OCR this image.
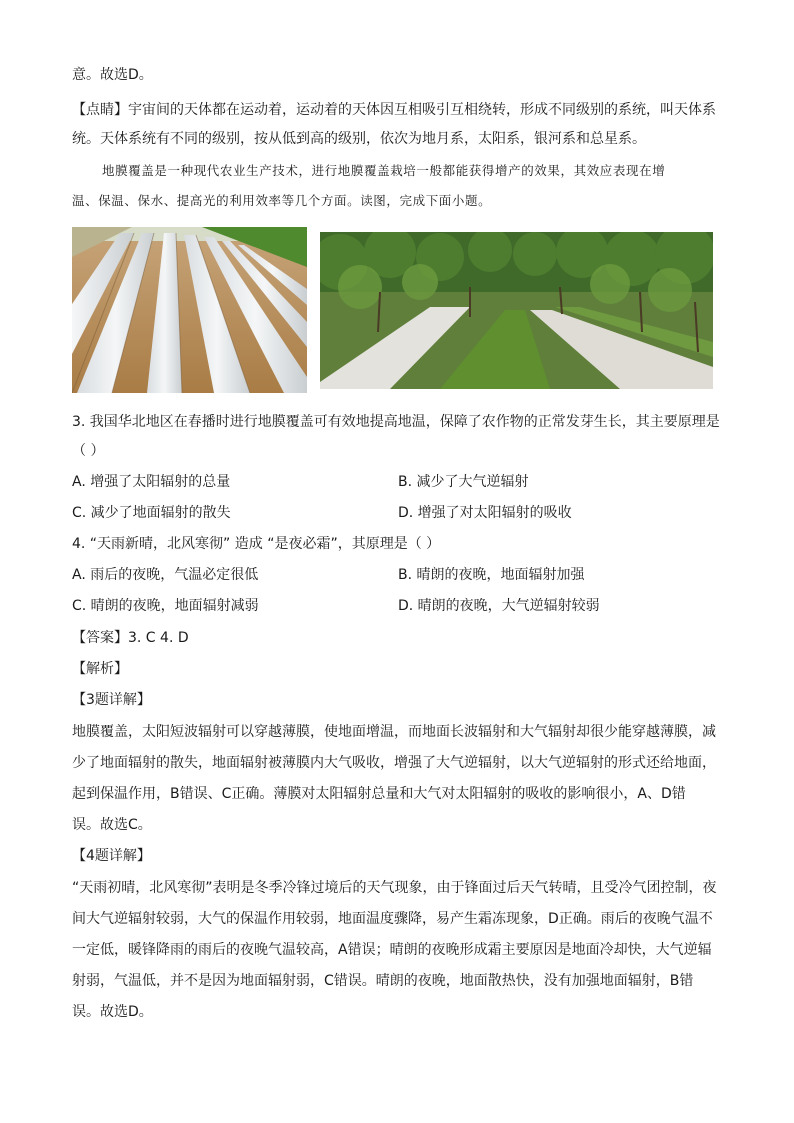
意。故选D。
【点睛】宇宙间的天体都在运动着，运动着的天体因互相吸引互相绕转，形成不同级别的系统，叫天体系
统。天体系统有不同的级别，按从低到高的级别，依次为地月系，太阳系，银河系和总星系。
地膜覆盖是一种现代农业生产技术，进行地膜覆盖栽培一般都能获得增产的效果，其效应表现在增
温、保温、保水、提高光的利用效率等几个方面。读图，完成下面小题。
3. 我国华北地区在春播时进行地膜覆盖可有效地提高地温，保障了农作物的正常发芽生长，其主要原理是
（ ）
A. 增强了太阳辐射的总量	B. 减少了大气逆辐射
C. 减少了地面辐射的散失	D. 增强了对太阳辐射的吸收
4. “天雨新晴，北风寒彻” 造成 “是夜必霜”，其原理是（ ）
A. 雨后的夜晚，气温必定很低	B. 晴朗的夜晚，地面辐射加强
C. 晴朗的夜晚，地面辐射减弱	D. 晴朗的夜晚，大气逆辐射较弱
【答案】3. C 4. D
【解析】
【3题详解】
地膜覆盖，太阳短波辐射可以穿越薄膜，使地面增温，而地面长波辐射和大气辐射却很少能穿越薄膜，减
少了地面辐射的散失，地面辐射被薄膜内大气吸收，增强了大气逆辐射，以大气逆辐射的形式还给地面，
起到保温作用，B错误、C正确。薄膜对太阳辐射总量和大气对太阳辐射的吸收的影响很小，A、D错
误。故选C。
【4题详解】
“天雨初晴，北风寒彻”表明是冬季冷锋过境后的天气现象，由于锋面过后天气转晴，且受冷气团控制，夜
间大气逆辐射较弱，大气的保温作用较弱，地面温度骤降，易产生霜冻现象，D正确。雨后的夜晚气温不
一定低，暖锋降雨的雨后的夜晚气温较高，A错误；晴朗的夜晚形成霜主要原因是地面冷却快，大气逆辐
射弱，气温低，并不是因为地面辐射弱，C错误。晴朗的夜晚，地面散热快，没有加强地面辐射，B错
误。故选D。
